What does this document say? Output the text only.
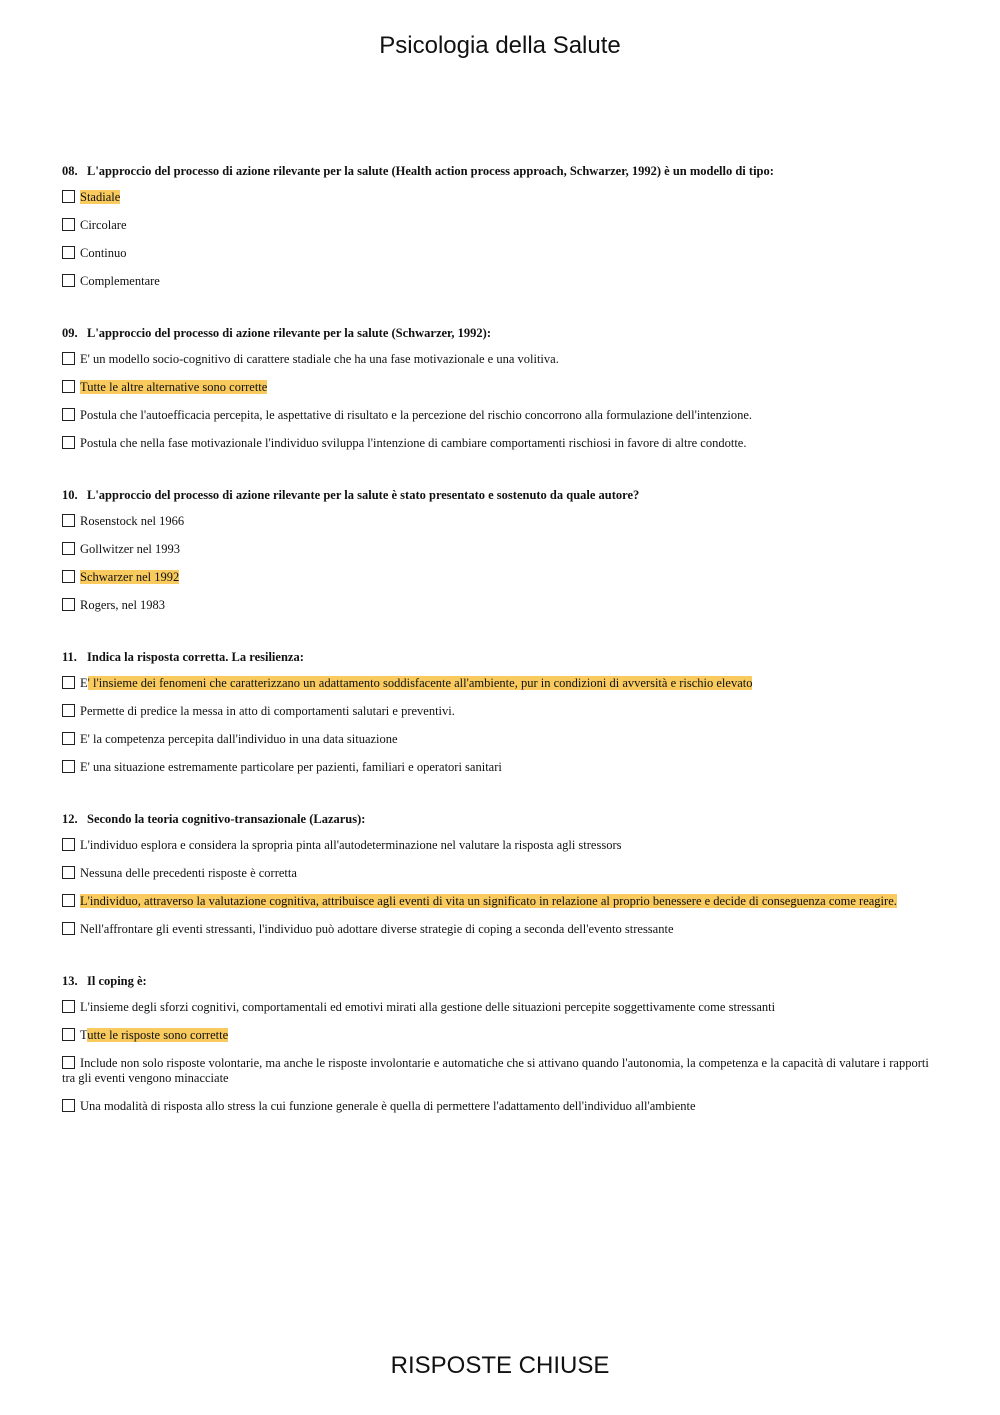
Psicologia della Salute
08. L'approccio del processo di azione rilevante per la salute (Health action process approach, Schwarzer, 1992) è un modello di tipo:
Stadiale
Circolare
Continuo
Complementare
09. L'approccio del processo di azione rilevante per la salute (Schwarzer, 1992):
E' un modello socio-cognitivo di carattere stadiale che ha una fase motivazionale e una volitiva.
Tutte le altre alternative sono corrette
Postula che l'autoefficacia percepita, le aspettative di risultato e la percezione del rischio concorrono alla formulazione dell'intenzione.
Postula che nella fase motivazionale l'individuo sviluppa l'intenzione di cambiare comportamenti rischiosi in favore di altre condotte.
10. L'approccio del processo di azione rilevante per la salute è stato presentato e sostenuto da quale autore?
Rosenstock nel 1966
Gollwitzer nel 1993
Schwarzer nel 1992
Rogers, nel 1983
11. Indica la risposta corretta. La resilienza:
E' l'insieme dei fenomeni che caratterizzano un adattamento soddisfacente all'ambiente, pur in condizioni di avversità e rischio elevato
Permette di predice la messa in atto di comportamenti salutari e preventivi.
E' la competenza percepita dall'individuo in una data situazione
E' una situazione estremamente particolare per pazienti, familiari e operatori sanitari
12. Secondo la teoria cognitivo-transazionale (Lazarus):
L'individuo esplora e considera la spropria pinta all'autodeterminazione nel valutare la risposta agli stressors
Nessuna delle precedenti risposte è corretta
L'individuo, attraverso la valutazione cognitiva, attribuisce agli eventi di vita un significato in relazione al proprio benessere e decide di conseguenza come reagire.
Nell'affrontare gli eventi stressanti, l'individuo può adottare diverse strategie di coping a seconda dell'evento stressante
13. Il coping è:
L'insieme degli sforzi cognitivi, comportamentali ed emotivi mirati alla gestione delle situazioni percepite soggettivamente come stressanti
Tutte le risposte sono corrette
Include non solo risposte volontarie, ma anche le risposte involontarie e automatiche che si attivano quando l'autonomia, la competenza e la capacità di valutare i rapporti tra gli eventi vengono minacciate
Una modalità di risposta allo stress la cui funzione generale è quella di permettere l'adattamento dell'individuo all'ambiente
RISPOSTE CHIUSE
